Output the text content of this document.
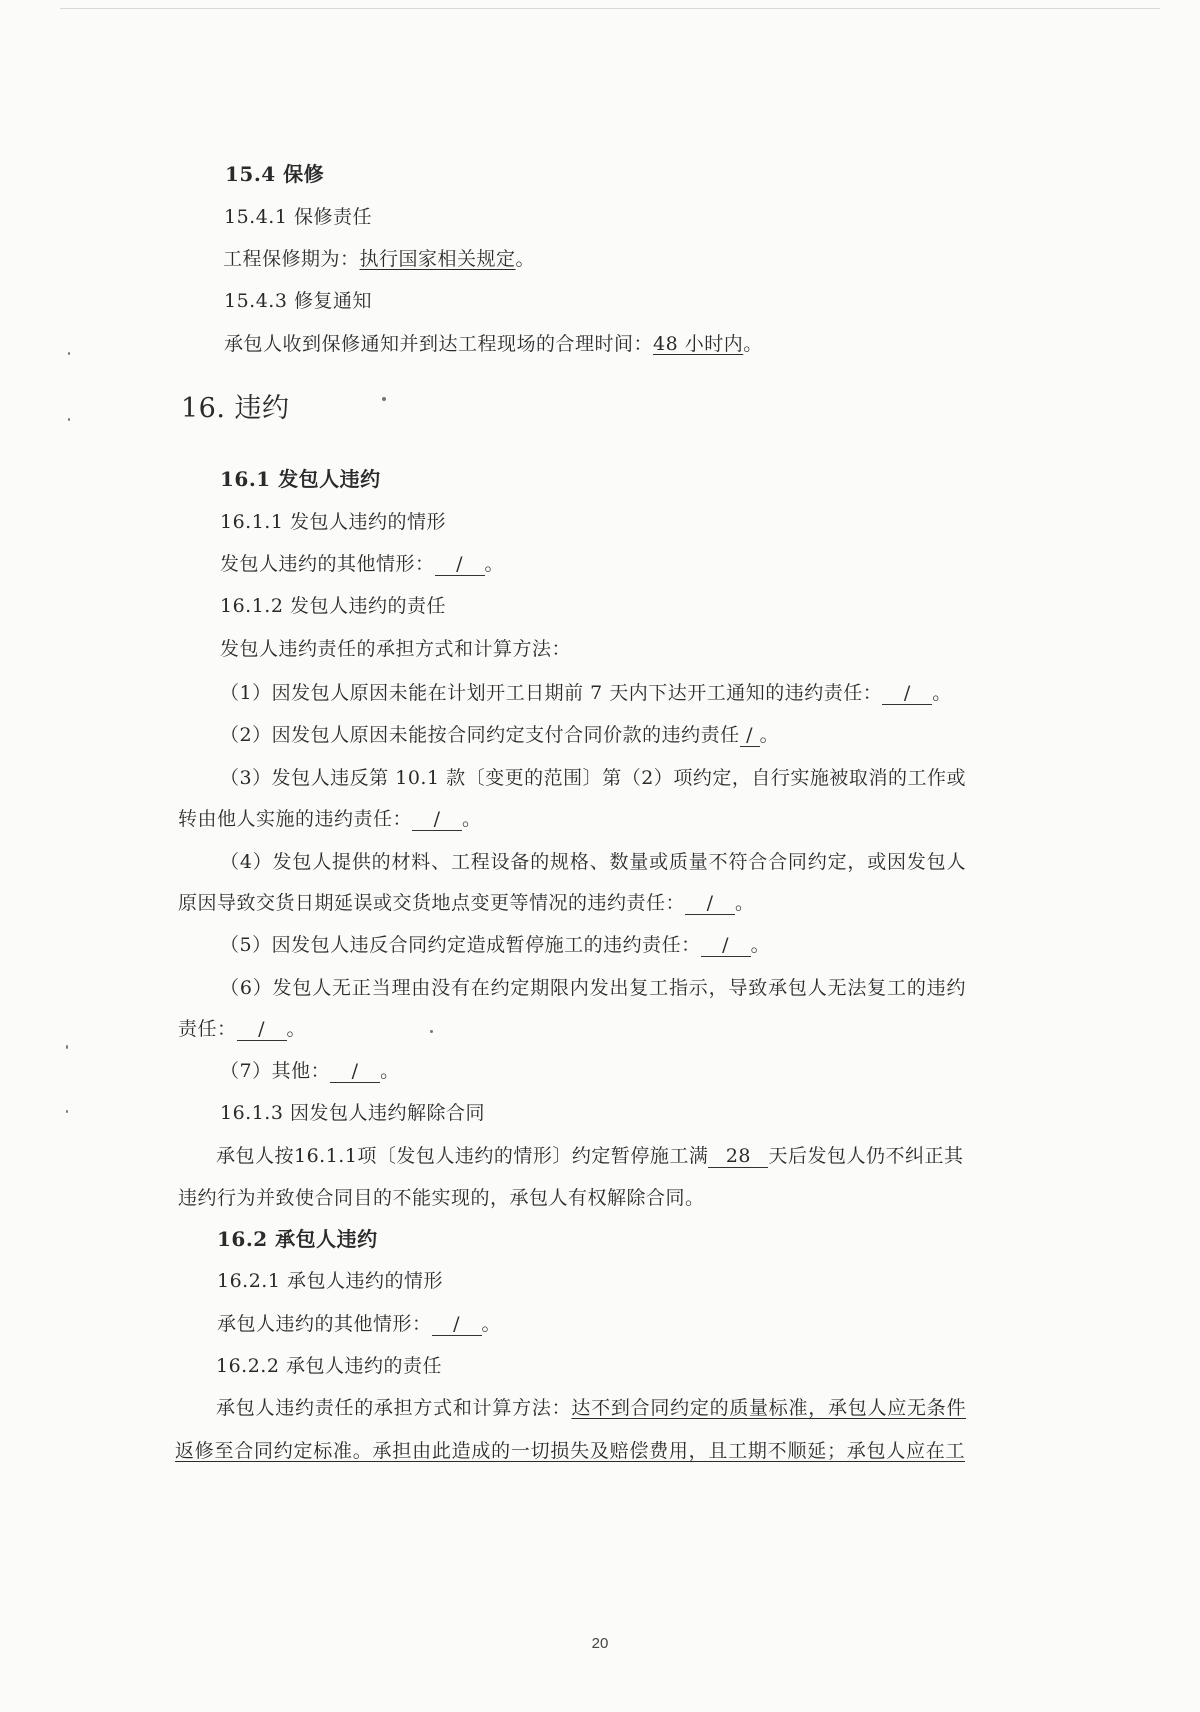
15.4 保修
15.4.1 保修责任
工程保修期为：执行国家相关规定。
15.4.3 修复通知
承包人收到保修通知并到达工程现场的合理时间：48 小时内。
16. 违约
16.1 发包人违约
16.1.1 发包人违约的情形
发包人违约的其他情形： / 。
16.1.2 发包人违约的责任
发包人违约责任的承担方式和计算方法：
（1）因发包人原因未能在计划开工日期前 7 天内下达开工通知的违约责任： / 。
（2）因发包人原因未能按合同约定支付合同价款的违约责任 / 。
（3）发包人违反第 10.1 款〔变更的范围〕第（2）项约定，自行实施被取消的工作或
转由他人实施的违约责任： / 。
（4）发包人提供的材料、工程设备的规格、数量或质量不符合合同约定，或因发包人
原因导致交货日期延误或交货地点变更等情况的违约责任： / 。
（5）因发包人违反合同约定造成暂停施工的违约责任： / 。
（6）发包人无正当理由没有在约定期限内发出复工指示，导致承包人无法复工的违约
责任： / 。
（7）其他： / 。
16.1.3 因发包人违约解除合同
承包人按16.1.1项〔发包人违约的情形〕约定暂停施工满 28 天后发包人仍不纠正其
违约行为并致使合同目的不能实现的，承包人有权解除合同。
16.2 承包人违约
16.2.1 承包人违约的情形
承包人违约的其他情形： / 。
16.2.2 承包人违约的责任
承包人违约责任的承担方式和计算方法：达不到合同约定的质量标准，承包人应无条件
返修至合同约定标准。承担由此造成的一切损失及赔偿费用，且工期不顺延；承包人应在工
20
